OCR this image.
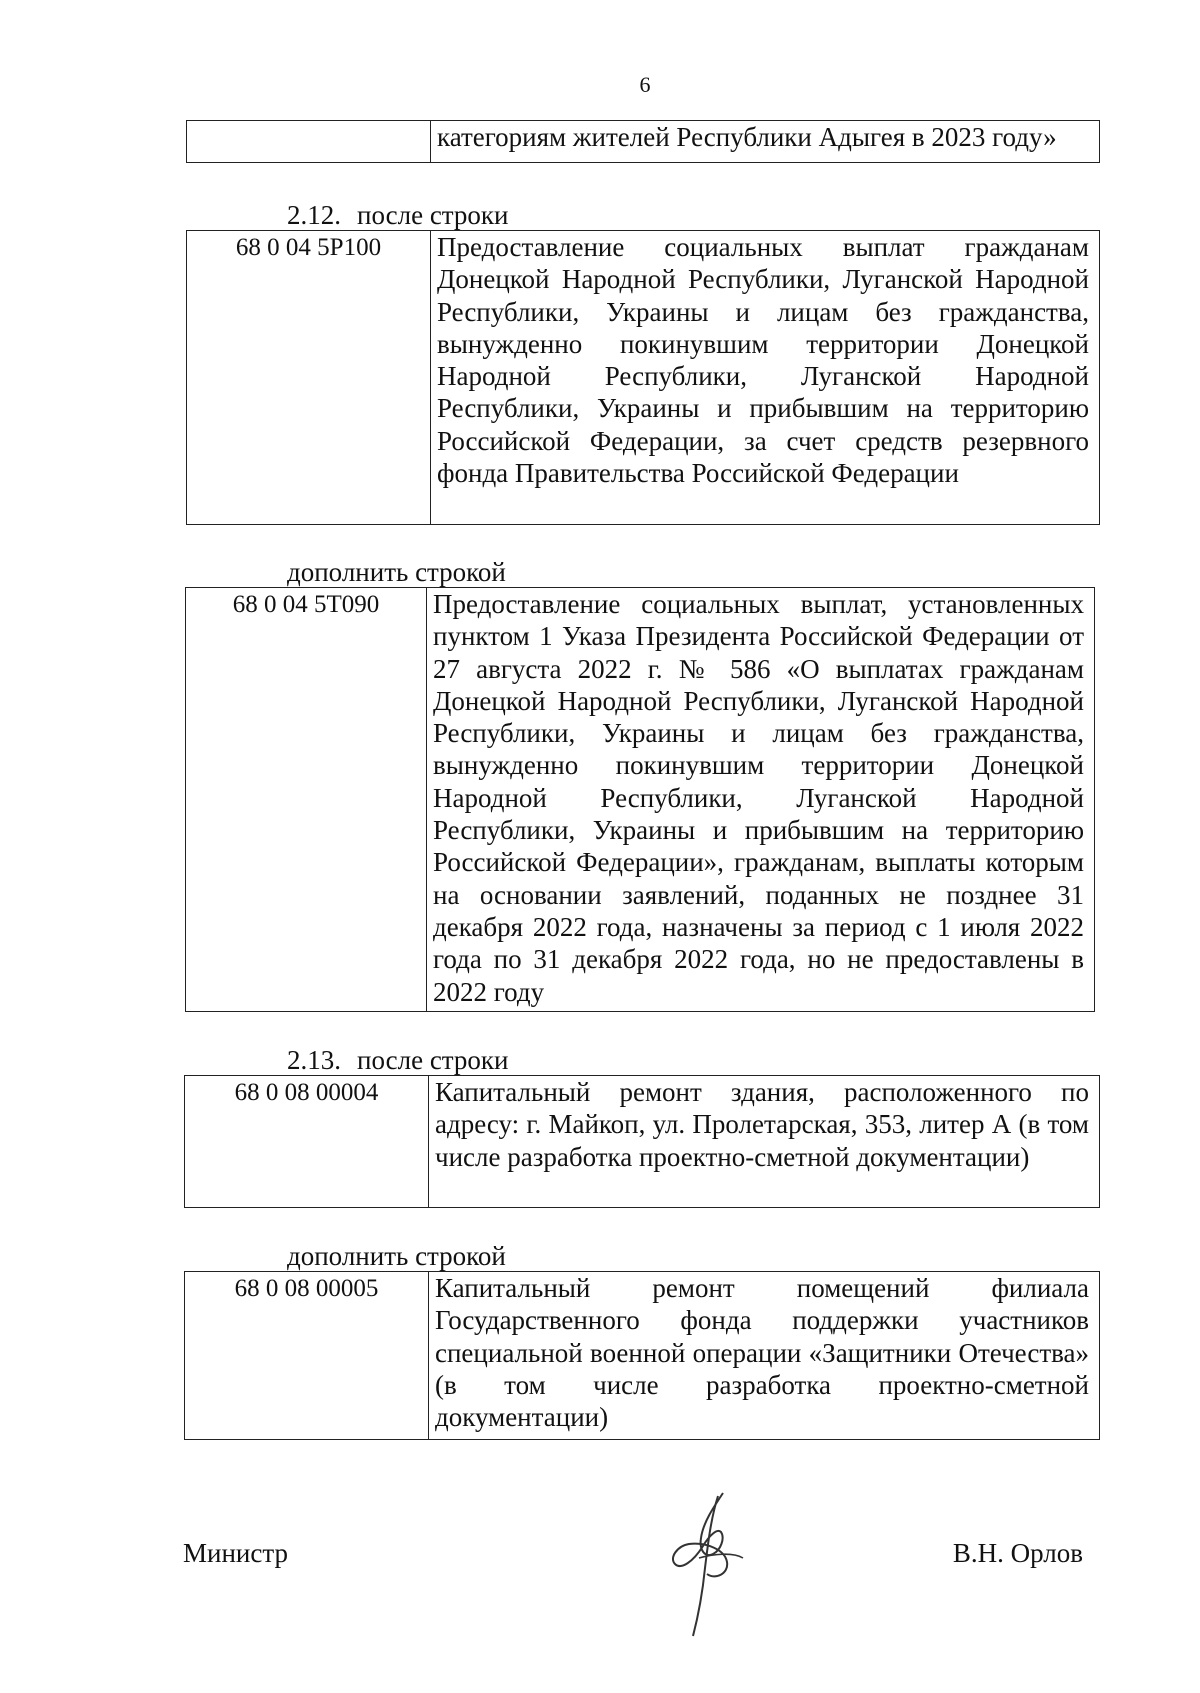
6
	категориям жителей Республики Адыгея в 2023 году»
2.12. после строки
68 0 04 5P100	Предоставление социальных выплат гражданам Донецкой Народной Республики, Луганской Народной Республики, Украины и лицам без гражданства, вынужденно покинувшим территории Донецкой Народной Республики, Луганской Народной Республики, Украины и прибывшим на территорию Российской Федерации, за счет средств резервного фонда Правительства Российской Федерации
дополнить строкой
68 0 04 5T090	Предоставление социальных выплат, установленных пунктом 1 Указа Президента Российской Федерации от 27 августа 2022 г. № 586 «О выплатах гражданам Донецкой Народной Республики, Луганской Народной Республики, Украины и лицам без гражданства, вынужденно покинувшим территории Донецкой Народной Республики, Луганской Народной Республики, Украины и прибывшим на территорию Российской Федерации», гражданам, выплаты которым на основании заявлений, поданных не позднее 31 декабря 2022 года, назначены за период с 1 июля 2022 года по 31 декабря 2022 года, но не предоставлены в 2022 году
2.13. после строки
68 0 08 00004	Капитальный ремонт здания, расположенного по адресу: г. Майкоп, ул. Пролетарская, 353, литер А (в том числе разработка проектно-сметной документации)
дополнить строкой
68 0 08 00005	Капитальный ремонт помещений филиала Государственного фонда поддержки участников специальной военной операции «Защитники Отечества» (в том числе разработка проектно-сметной документации)
Министр	В.Н. Орлов
